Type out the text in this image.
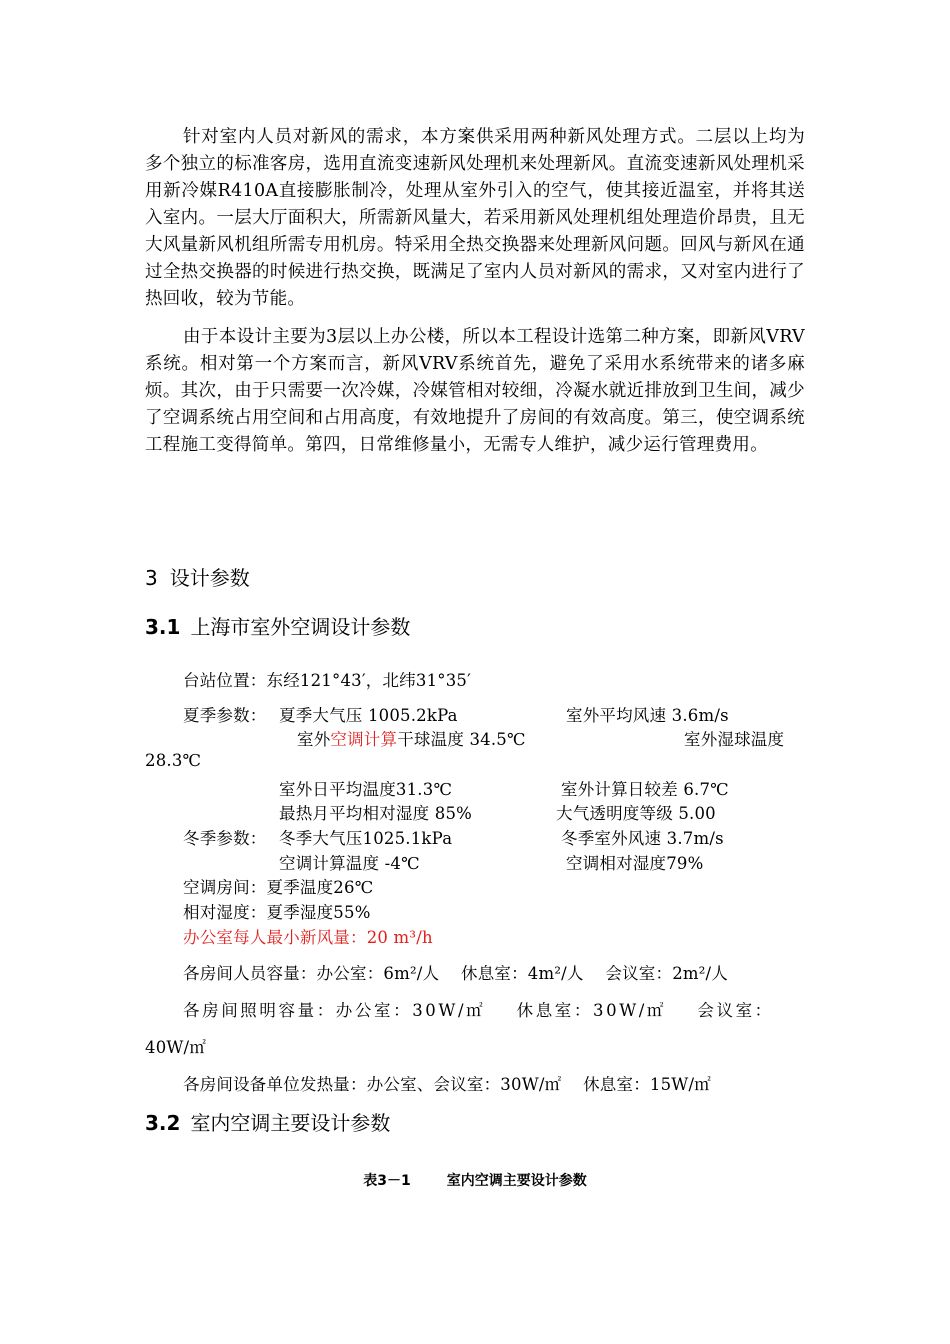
针对室内人员对新风的需求，本方案供采用两种新风处理方式。二层以上均为多个独立的标准客房，选用直流变速新风处理机来处理新风。直流变速新风处理机采用新冷媒R410A直接膨胀制冷，处理从室外引入的空气，使其接近温室，并将其送入室内。一层大厅面积大，所需新风量大，若采用新风处理机组处理造价昂贵，且无大风量新风机组所需专用机房。特采用全热交换器来处理新风问题。回风与新风在通过全热交换器的时候进行热交换，既满足了室内人员对新风的需求，又对室内进行了热回收，较为节能。

由于本设计主要为3层以上办公楼，所以本工程设计选第二种方案，即新风VRV系统。相对第一个方案而言，新风VRV系统首先，避免了采用水系统带来的诸多麻烦。其次，由于只需要一次冷媒，冷媒管相对较细，冷凝水就近排放到卫生间，减少了空调系统占用空间和占用高度，有效地提升了房间的有效高度。第三，使空调系统工程施工变得简单。第四，日常维修量小，无需专人维护，减少运行管理费用。

3 设计参数
3.1 上海市室外空调设计参数
台站位置：东经121°43′，北纬31°35′
夏季参数： 夏季大气压 1005.2kPa	室外平均风速 3.6m/s
室外空调计算干球温度 34.5℃	室外湿球温度
28.3℃
室外日平均温度31.3℃	室外计算日较差 6.7℃
最热月平均相对湿度 85%	大气透明度等级 5.00
冬季参数： 冬季大气压1025.1kPa	冬季室外风速 3.7m/s
空调计算温度 -4℃	空调相对湿度79%
空调房间：夏季温度26℃
相对湿度：夏季湿度55%
办公室每人最小新风量：20 m³/h
各房间人员容量：办公室：6m²/人    休息室：4m²/人    会议室：2m²/人
各房间照明容量：办公室：30W/㎡    休息室：30W/㎡    会议室：
40W/㎡
各房间设备单位发热量：办公室、会议室：30W/㎡    休息室：15W/㎡
3.2 室内空调主要设计参数
表3－1	室内空调主要设计参数
